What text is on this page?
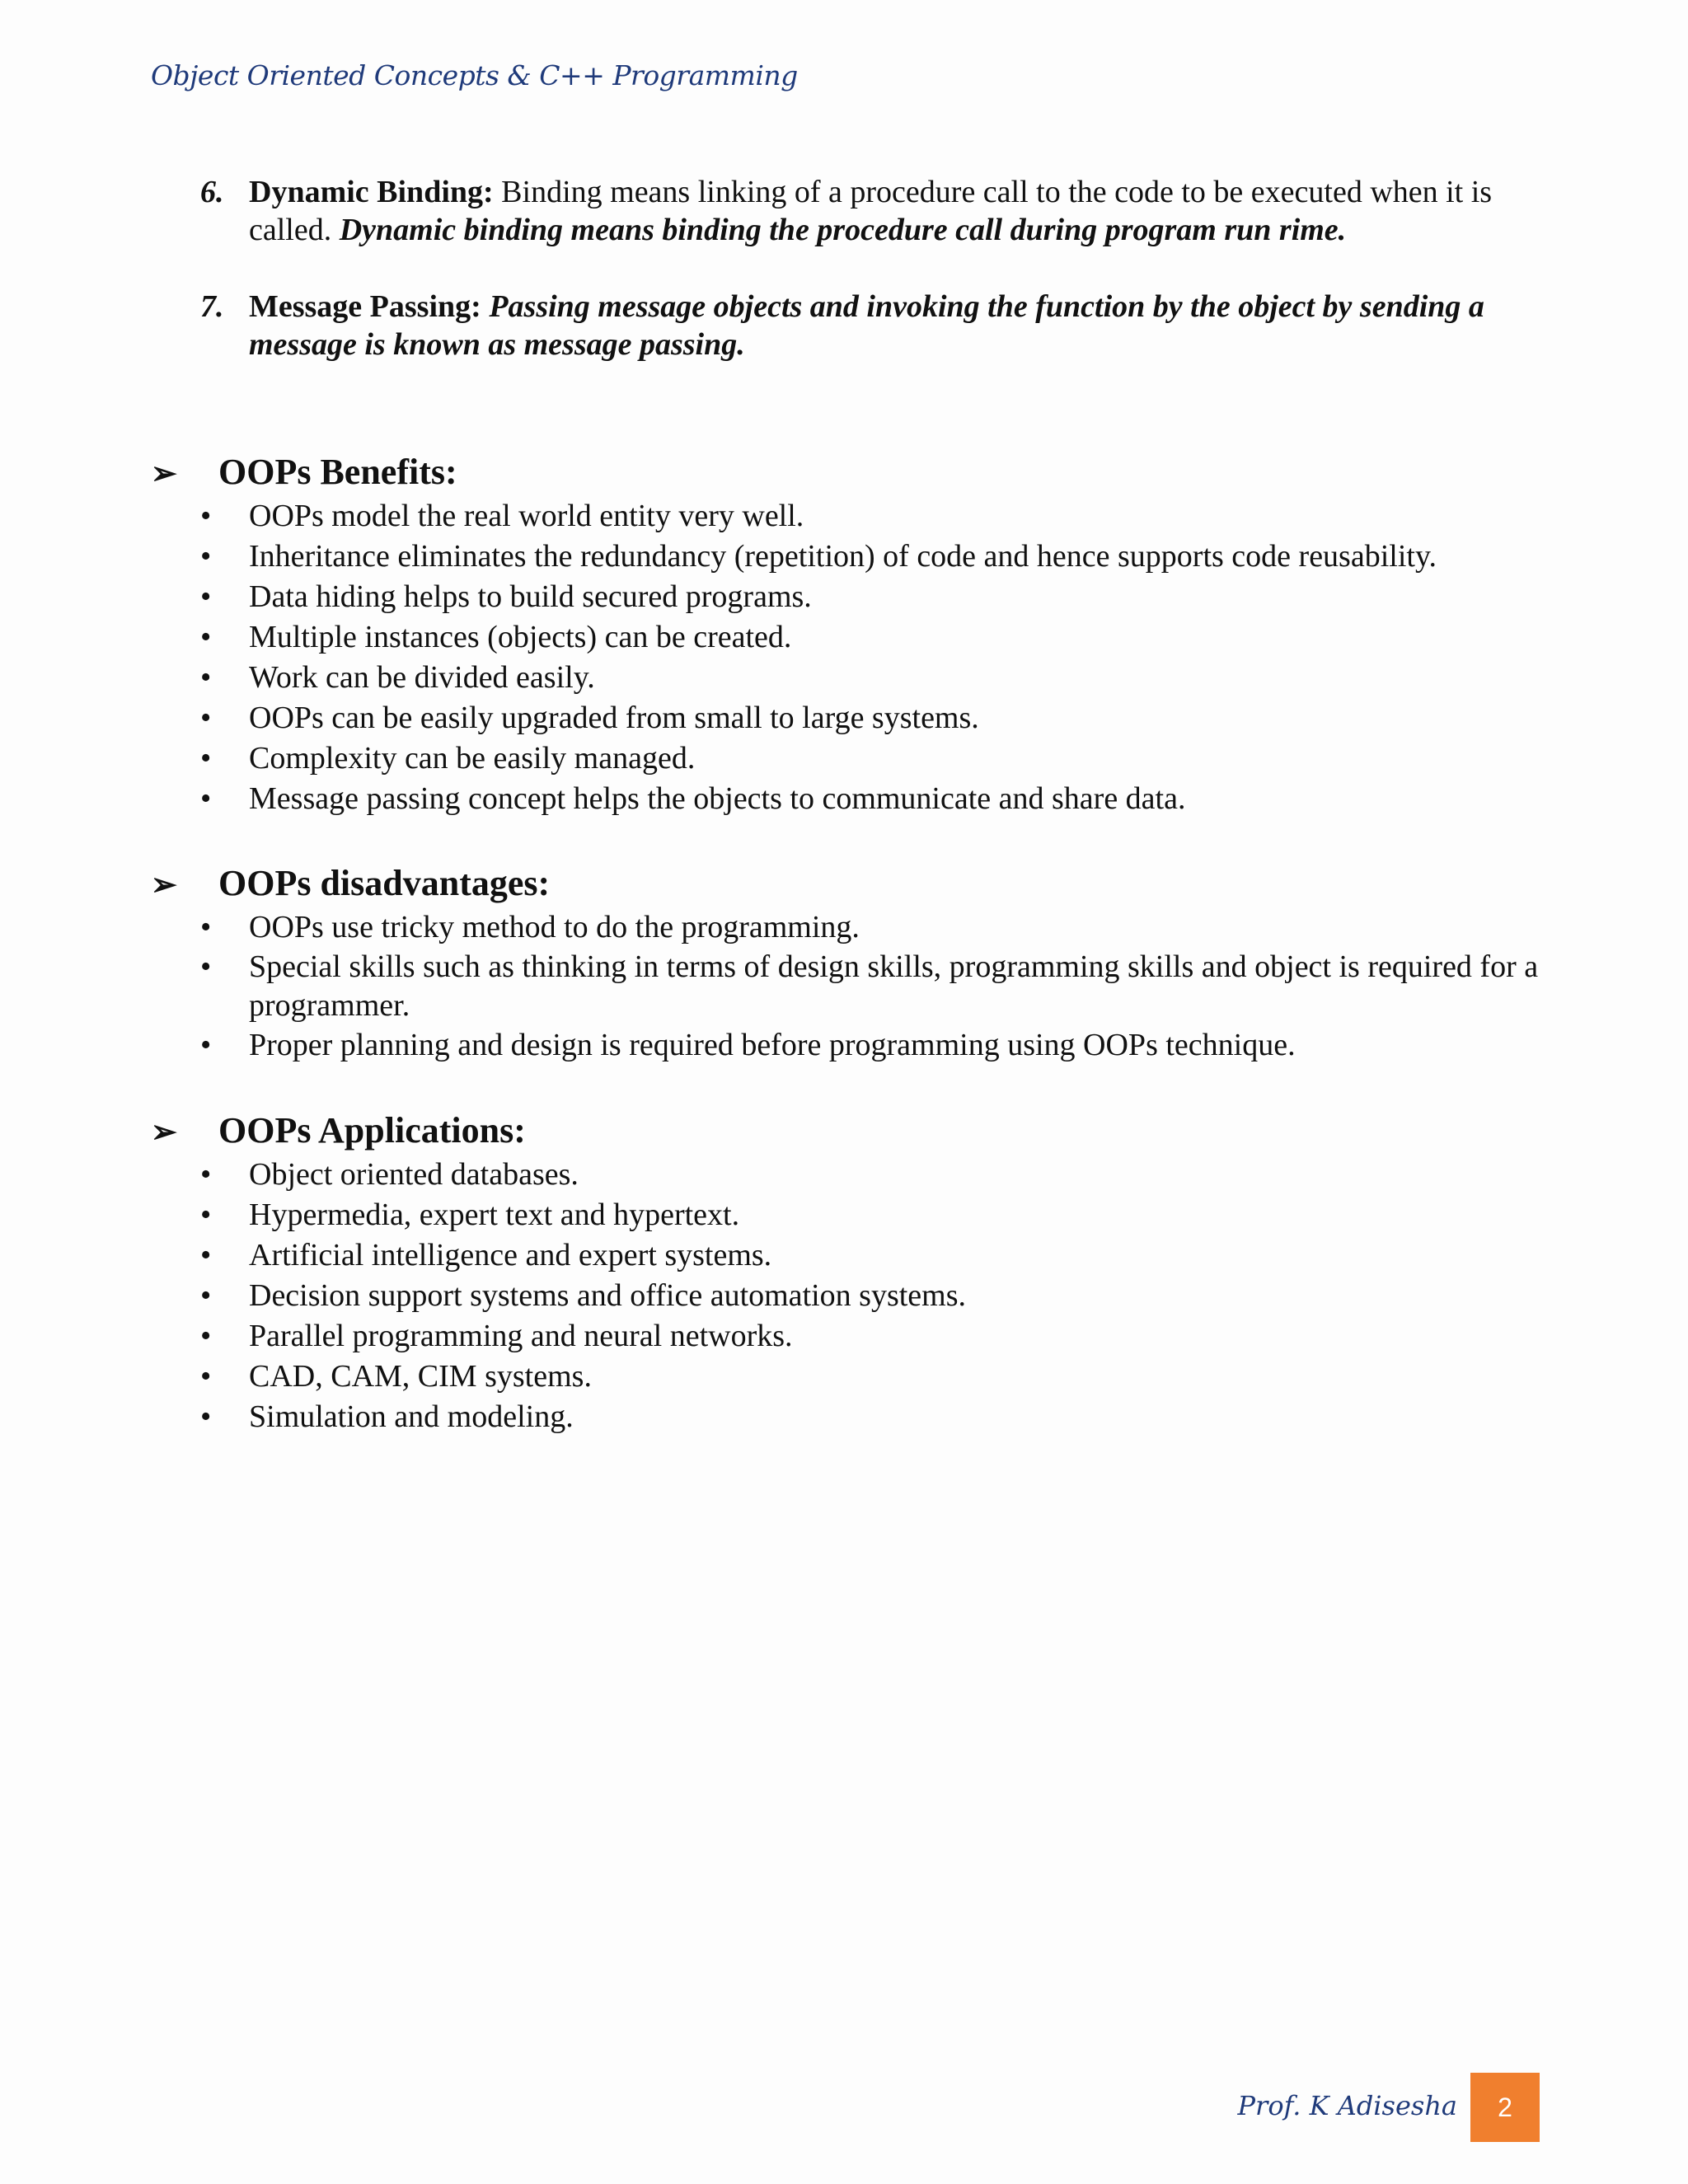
Object Oriented Concepts & C++ Programming
6. Dynamic Binding: Binding means linking of a procedure call to the code to be executed when it is called. Dynamic binding means binding the procedure call during program run rime.
7. Message Passing: Passing message objects and invoking the function by the object by sending a message is known as message passing.
➢ OOPs Benefits:
• OOPs model the real world entity very well.
• Inheritance eliminates the redundancy (repetition) of code and hence supports code reusability.
• Data hiding helps to build secured programs.
• Multiple instances (objects) can be created.
• Work can be divided easily.
• OOPs can be easily upgraded from small to large systems.
• Complexity can be easily managed.
• Message passing concept helps the objects to communicate and share data.
➢ OOPs disadvantages:
• OOPs use tricky method to do the programming.
• Special skills such as thinking in terms of design skills, programming skills and object is required for a programmer.
• Proper planning and design is required before programming using OOPs technique.
➢ OOPs Applications:
• Object oriented databases.
• Hypermedia, expert text and hypertext.
• Artificial intelligence and expert systems.
• Decision support systems and office automation systems.
• Parallel programming and neural networks.
• CAD, CAM, CIM systems.
• Simulation and modeling.
Prof. K Adisesha	2
